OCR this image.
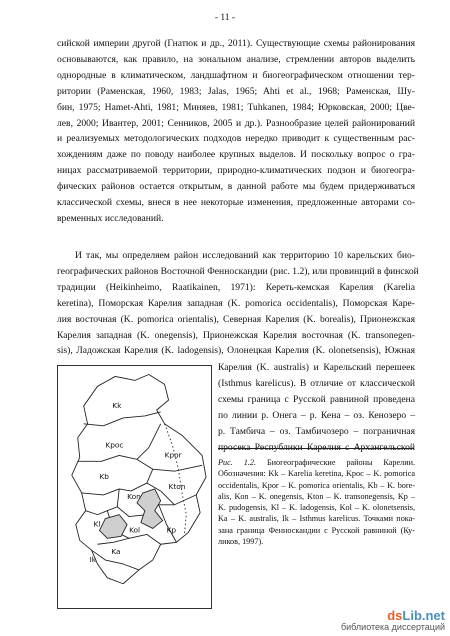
- 11 -
сийской империи другой (Гнатюк и др., 2011). Существующие схемы районирования
основываются, как правило, на зональном анализе, стремлении авторов выделить
однородные в климатическом, ландшафтном и биогеографическом отношении тер-
ритории (Раменская, 1960, 1983; Jalas, 1965; Ahti et al., 1968; Раменская, Шу-
бин, 1975; Hamet-Ahti, 1981; Миняев, 1981; Tuhkanen, 1984; Юрковская, 2000; Цве-
лев, 2000; Ивантер, 2001; Сенников, 2005 и др.). Разнообразие целей районирований
и реализуемых методологических подходов нередко приводит к существенным рас-
хождениям даже по поводу наиболее крупных выделов. И поскольку вопрос о гра-
ницах рассматриваемой территории, природно-климатических подзон и биогеогра-
фических районов остается открытым, в данной работе мы будем придерживаться
классической схемы, внеся в нее некоторые изменения, предложенные авторами со-
временных исследований.
И так, мы определяем район исследований как территорию 10 карельских био-
географических районов Восточной Фенноскандии (рис. 1.2), или провинций в финской
традиции (Heikinheimo, Raatikainen, 1971): Кереть-кемская Карелия (Karelia
keretina), Поморская Карелия западная (K. pomorica occidentalis), Поморская Каре-
лия восточная (K. pomorica orientalis), Северная Карелия (K. borealis), Прионежская
Карелия западная (K. onegensis), Прионежская Карелия восточная (K. transonegen-
sis), Ладожская Карелия (K. ladogensis), Олонецкая Карелия (K. olonetsensis), Южная
Kk
Kpoc
Kpor
Kb
Kon
Kton
Kp
Kl
Kol
Ka
Ik
Карелия (K. australis) и Карельский перешеек
(Isthmus karelicus). В отличие от классической
схемы граница с Русской равниной проведена
по линии р. Онега – р. Кена – оз. Кенозеро –
р. Тамбича – оз. Тамбичозеро – пограничная
просека Республики Карелия с Архангельской
Рис. 1.2. Биогеографические районы Карелии.
Обозначения: Kk – Karelia keretina, Kpoc – K. pomorica
occidentalis, Kpor – K. pomorica orientalis, Kb – K. bore-
alis, Kon – K. onegensis, Kton – K. transonegensis, Kp –
K. pudogensis, Kl – K. ladogensis, Kol – K. olonetsensis,
Ka – K. australis, Ik – Isthmus karelicus. Точками пока-
зана граница Фенноскандии с Русской равниной (Ку-
ликов, 1997).
dsLib.net
библиотека диссертаций
